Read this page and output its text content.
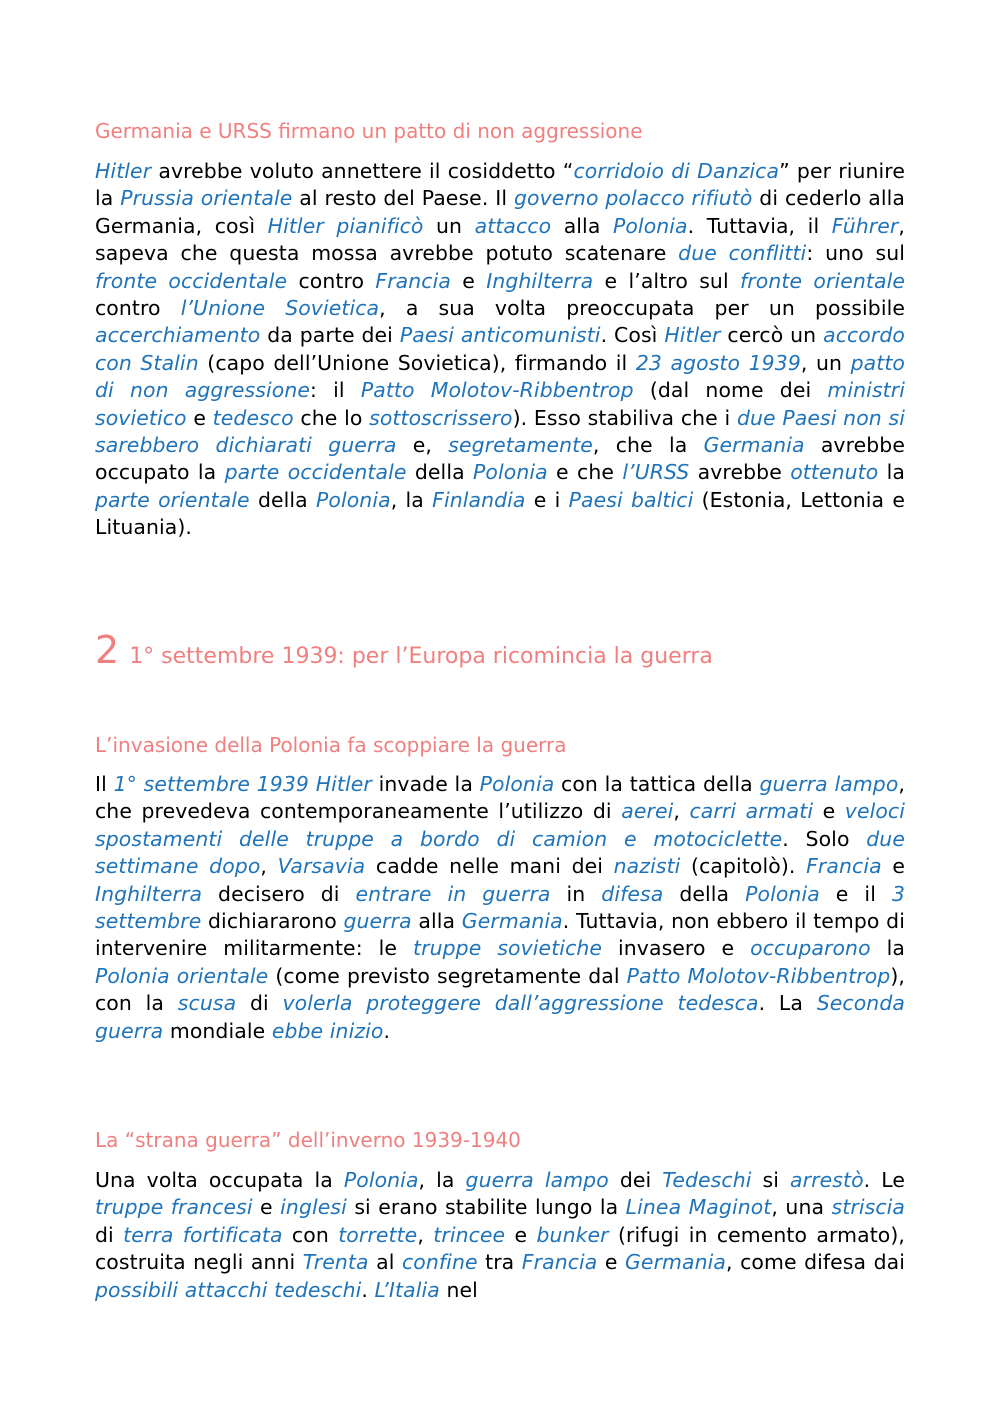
Germania e URSS firmano un patto di non aggressione

Hitler avrebbe voluto annettere il cosiddetto “corridoio di Danzica” per riunire la Prussia orientale al resto del Paese. Il governo polacco rifiutò di cederlo alla Germania, così Hitler pianificò un attacco alla Polonia. Tuttavia, il Führer, sapeva che questa mossa avrebbe potuto scatenare due conflitti: uno sul fronte occidentale contro Francia e Inghilterra e l’altro sul fronte orientale contro l’Unione Sovietica, a sua volta preoccupata per un possibile accerchiamento da parte dei Paesi anticomunisti. Così Hitler cercò un accordo con Stalin (capo dell’Unione Sovietica), firmando il 23 agosto 1939, un patto di non aggressione: il Patto Molotov-Ribbentrop (dal nome dei ministri sovietico e tedesco che lo sottoscrissero). Esso stabiliva che i due Paesi non si sarebbero dichiarati guerra e, segretamente, che la Germania avrebbe occupato la parte occidentale della Polonia e che l’URSS avrebbe ottenuto la parte orientale della Polonia, la Finlandia e i Paesi baltici (Estonia, Lettonia e Lituania).

2 1° settembre 1939: per l’Europa ricomincia la guerra
L’invasione della Polonia fa scoppiare la guerra

Il 1° settembre 1939 Hitler invade la Polonia con la tattica della guerra lampo, che prevedeva contemporaneamente l’utilizzo di aerei, carri armati e veloci spostamenti delle truppe a bordo di camion e motociclette. Solo due settimane dopo, Varsavia cadde nelle mani dei nazisti (capitolò). Francia e Inghilterra decisero di entrare in guerra in difesa della Polonia e il 3 settembre dichiararono guerra alla Germania. Tuttavia, non ebbero il tempo di intervenire militarmente: le truppe sovietiche invasero e occuparono la Polonia orientale (come previsto segretamente dal Patto Molotov-Ribbentrop), con la scusa di volerla proteggere dall’aggressione tedesca. La Seconda guerra mondiale ebbe inizio.

La “strana guerra” dell’inverno 1939-1940

Una volta occupata la Polonia, la guerra lampo dei Tedeschi si arrestò. Le truppe francesi e inglesi si erano stabilite lungo la Linea Maginot, una striscia di terra fortificata con torrette, trincee e bunker (rifugi in cemento armato), costruita negli anni Trenta al confine tra Francia e Germania, come difesa dai possibili attacchi tedeschi. L’Italia nel
